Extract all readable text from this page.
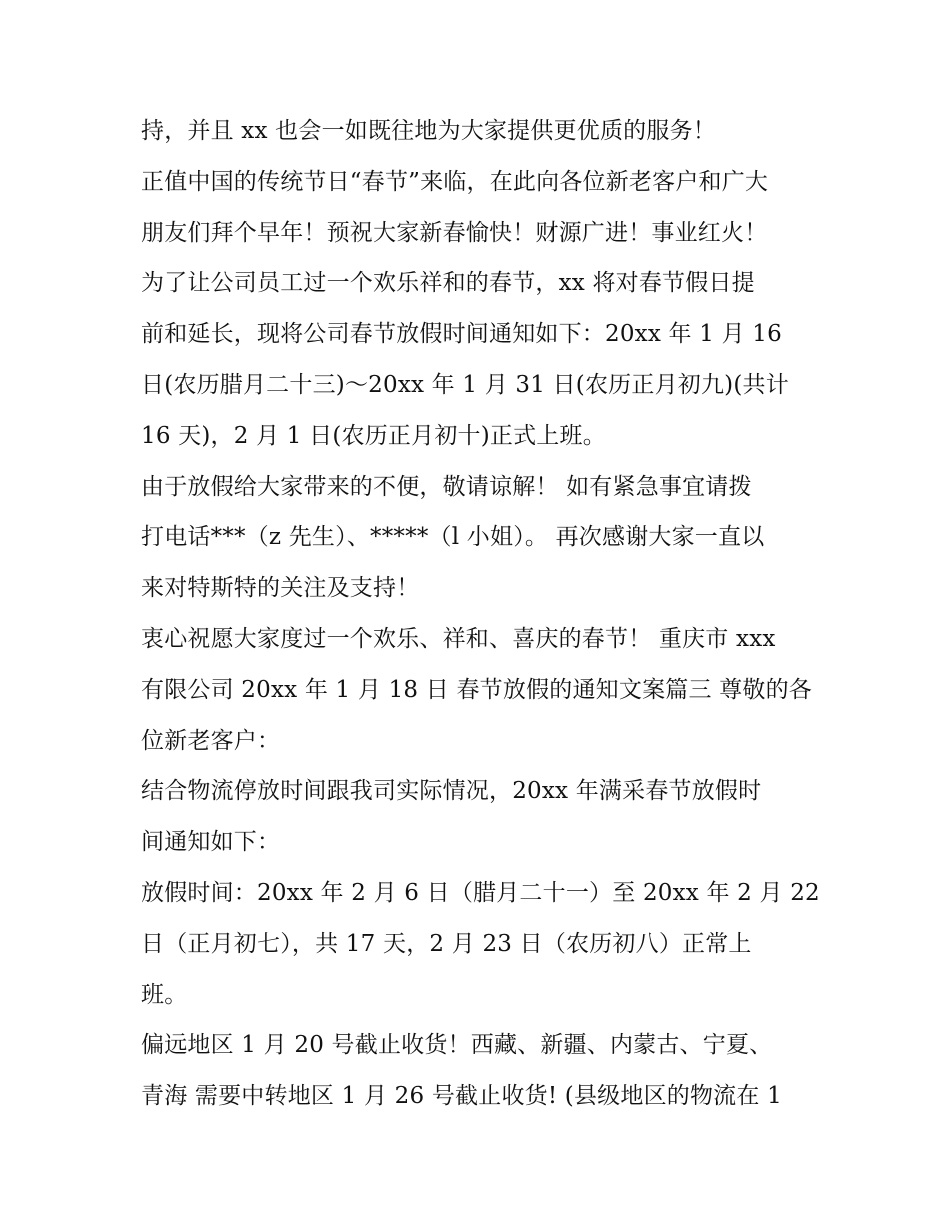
持，并且 xx 也会一如既往地为大家提供更优质的服务！
正值中国的传统节日“春节”来临，在此向各位新老客户和广大
朋友们拜个早年！预祝大家新春愉快！财源广进！事业红火！
为了让公司员工过一个欢乐祥和的春节，xx 将对春节假日提
前和延长，现将公司春节放假时间通知如下：20xx 年 1 月 16
日(农历腊月二十三)～20xx 年 1 月 31 日(农历正月初九)(共计
16 天)，2 月 1 日(农历正月初十)正式上班。
由于放假给大家带来的不便，敬请谅解！ 如有紧急事宜请拨
打电话***（z 先生）、*****（l 小姐）。 再次感谢大家一直以
来对特斯特的关注及支持！
衷心祝愿大家度过一个欢乐、祥和、喜庆的春节！ 重庆市 xxx
有限公司 20xx 年 1 月 18 日 春节放假的通知文案篇三 尊敬的各
位新老客户：
结合物流停放时间跟我司实际情况，20xx 年满采春节放假时
间通知如下：
放假时间：20xx 年 2 月 6 日（腊月二十一）至 20xx 年 2 月 22
日（正月初七），共 17 天，2 月 23 日（农历初八）正常上
班。
偏远地区 1 月 20 号截止收货！西藏、新疆、内蒙古、宁夏、
青海 需要中转地区 1 月 26 号截止收货! (县级地区的物流在 1
